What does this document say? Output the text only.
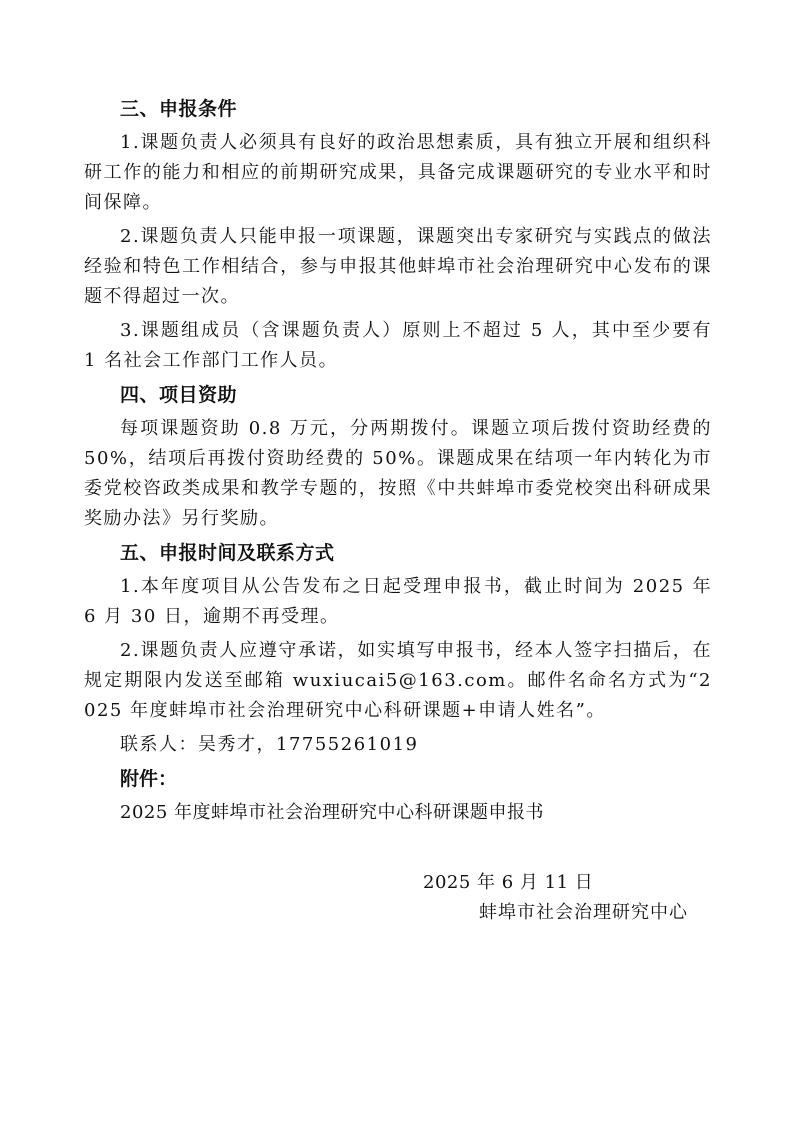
三、申报条件

1.课题负责人必须具有良好的政治思想素质，具有独立开展和组织科研工作的能力和相应的前期研究成果，具备完成课题研究的专业水平和时间保障。

2.课题负责人只能申报一项课题，课题突出专家研究与实践点的做法经验和特色工作相结合，参与申报其他蚌埠市社会治理研究中心发布的课题不得超过一次。

3.课题组成员（含课题负责人）原则上不超过 5 人，其中至少要有 1 名社会工作部门工作人员。

四、项目资助

每项课题资助 0.8 万元，分两期拨付。课题立项后拨付资助经费的 50%，结项后再拨付资助经费的 50%。课题成果在结项一年内转化为市委党校咨政类成果和教学专题的，按照《中共蚌埠市委党校突出科研成果奖励办法》另行奖励。

五、申报时间及联系方式

1.本年度项目从公告发布之日起受理申报书，截止时间为 2025 年 6 月 30 日，逾期不再受理。

2.课题负责人应遵守承诺，如实填写申报书，经本人签字扫描后，在规定期限内发送至邮箱 wuxiucai5@163.com。邮件名命名方式为“2025 年度蚌埠市社会治理研究中心科研课题+申请人姓名”。

联系人：吴秀才，17755261019

附件：
2025 年度蚌埠市社会治理研究中心科研课题申报书
2025 年 6 月 11 日
蚌埠市社会治理研究中心
